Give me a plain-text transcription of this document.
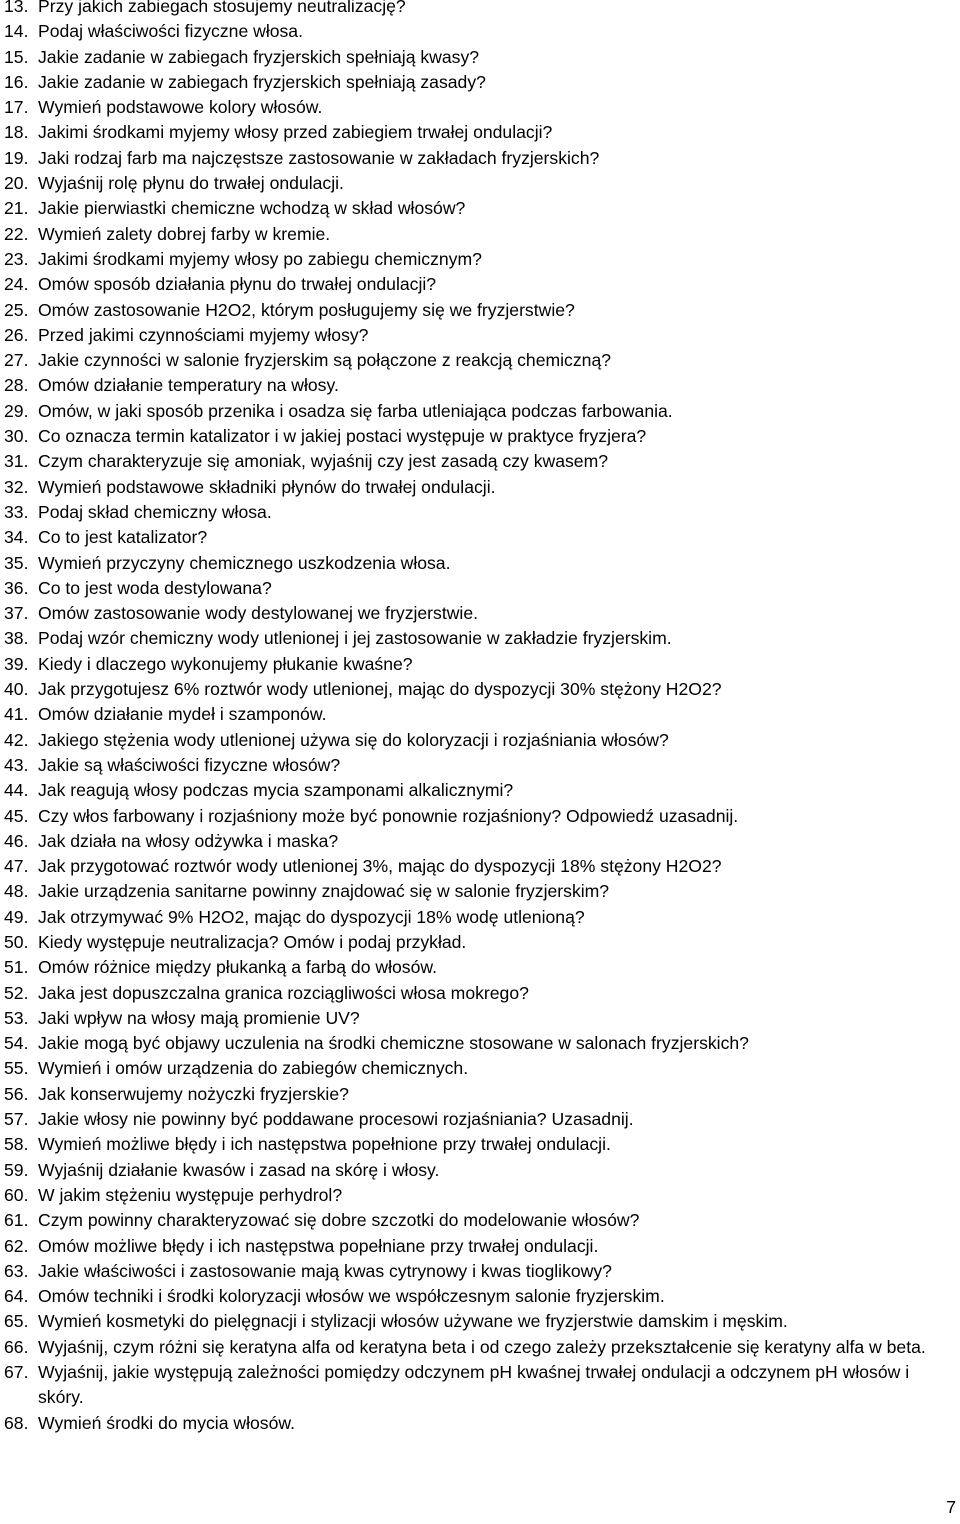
13. Przy jakich zabiegach stosujemy neutralizację?
14. Podaj właściwości fizyczne włosa.
15. Jakie zadanie w zabiegach fryzjerskich spełniają kwasy?
16. Jakie zadanie w zabiegach fryzjerskich spełniają zasady?
17. Wymień podstawowe kolory włosów.
18. Jakimi środkami myjemy włosy przed zabiegiem trwałej ondulacji?
19. Jaki rodzaj farb ma najczęstsze zastosowanie w zakładach fryzjerskich?
20. Wyjaśnij rolę płynu do trwałej ondulacji.
21. Jakie pierwiastki chemiczne wchodzą w skład włosów?
22. Wymień zalety dobrej farby w kremie.
23. Jakimi środkami myjemy włosy po zabiegu chemicznym?
24. Omów sposób działania płynu do trwałej ondulacji?
25. Omów zastosowanie H2O2, którym posługujemy się we fryzjerstwie?
26. Przed jakimi czynnościami myjemy włosy?
27. Jakie czynności w salonie fryzjerskim są połączone z reakcją chemiczną?
28. Omów działanie temperatury na włosy.
29. Omów, w jaki sposób przenika i osadza się farba utleniająca podczas farbowania.
30. Co oznacza termin katalizator i w jakiej postaci występuje w praktyce fryzjera?
31. Czym charakteryzuje się amoniak, wyjaśnij czy jest zasadą czy kwasem?
32. Wymień podstawowe składniki płynów do trwałej ondulacji.
33. Podaj skład chemiczny włosa.
34. Co to jest katalizator?
35. Wymień przyczyny chemicznego uszkodzenia włosa.
36. Co to jest woda destylowana?
37. Omów zastosowanie wody destylowanej we fryzjerstwie.
38. Podaj wzór chemiczny wody utlenionej i jej zastosowanie w zakładzie fryzjerskim.
39. Kiedy i dlaczego wykonujemy płukanie kwaśne?
40. Jak przygotujesz 6% roztwór wody utlenionej, mając do dyspozycji 30% stężony H2O2?
41. Omów działanie mydeł i szamponów.
42. Jakiego stężenia wody utlenionej używa się do koloryzacji i rozjaśniania włosów?
43. Jakie są właściwości fizyczne włosów?
44. Jak reagują włosy podczas mycia szamponami alkalicznymi?
45. Czy włos farbowany i rozjaśniony może być ponownie rozjaśniony? Odpowiedź uzasadnij.
46. Jak działa na włosy odżywka i maska?
47. Jak przygotować roztwór wody utlenionej 3%, mając do dyspozycji 18% stężony H2O2?
48. Jakie urządzenia sanitarne powinny znajdować się w salonie fryzjerskim?
49. Jak otrzymywać 9% H2O2, mając do dyspozycji 18% wodę utlenioną?
50. Kiedy występuje neutralizacja? Omów i podaj przykład.
51. Omów różnice między płukanką a farbą do włosów.
52. Jaka jest dopuszczalna granica rozciągliwości włosa mokrego?
53. Jaki wpływ na włosy mają promienie UV?
54. Jakie mogą być objawy uczulenia na środki chemiczne stosowane w salonach fryzjerskich?
55. Wymień i omów urządzenia do zabiegów chemicznych.
56. Jak konserwujemy nożyczki fryzjerskie?
57. Jakie włosy nie powinny być poddawane procesowi rozjaśniania? Uzasadnij.
58. Wymień możliwe błędy i ich następstwa popełnione przy trwałej ondulacji.
59. Wyjaśnij działanie kwasów i zasad na skórę i włosy.
60. W jakim stężeniu występuje perhydrol?
61. Czym powinny charakteryzować się dobre szczotki do modelowanie włosów?
62. Omów możliwe błędy i ich następstwa popełniane przy trwałej ondulacji.
63. Jakie właściwości i zastosowanie mają kwas cytrynowy i kwas tioglikowy?
64. Omów techniki i środki koloryzacji włosów we współczesnym salonie fryzjerskim.
65. Wymień kosmetyki do pielęgnacji i stylizacji włosów używane we fryzjerstwie damskim i męskim.
66. Wyjaśnij, czym różni się keratyna alfa od keratyna beta i od czego zależy przekształcenie się keratyny alfa w beta.
67. Wyjaśnij, jakie występują zależności pomiędzy odczynem pH kwaśnej trwałej ondulacji a odczynem pH włosów i skóry.
68. Wymień środki do mycia włosów.
7
